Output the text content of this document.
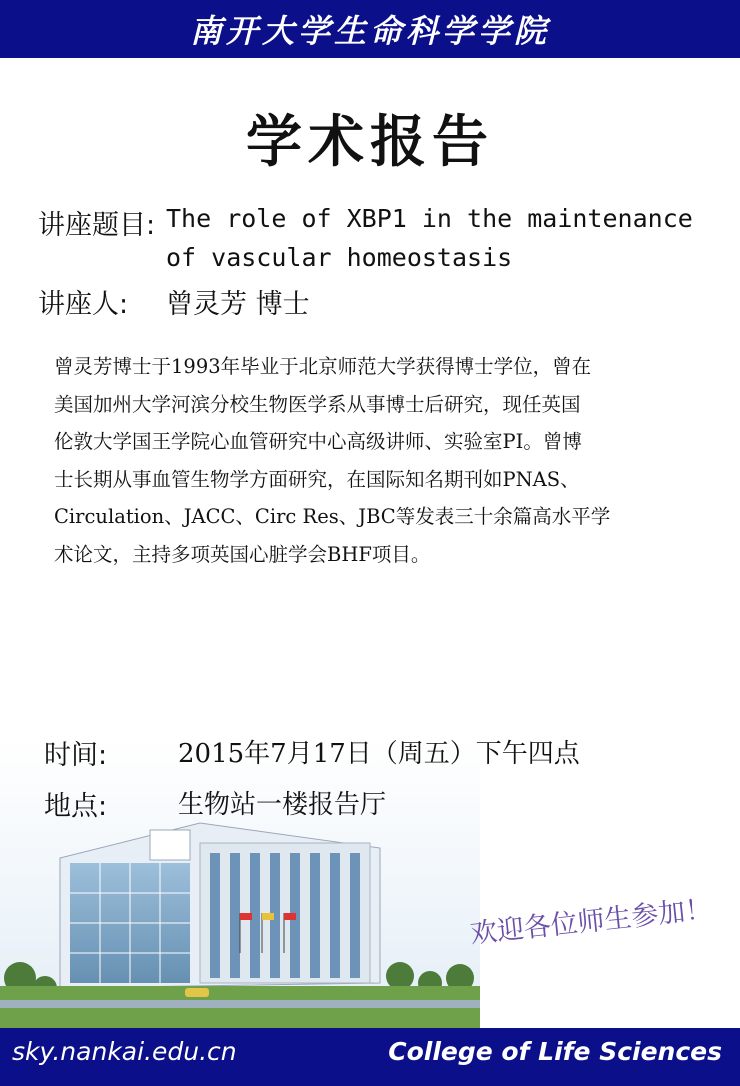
南开大学生命科学学院
学术报告
讲座题目: The role of XBP1 in the maintenance
of vascular homeostasis
讲座人: 曾灵芳 博士
曾灵芳博士于1993年毕业于北京师范大学获得博士学位，曾在
美国加州大学河滨分校生物医学系从事博士后研究，现任英国
伦敦大学国王学院心血管研究中心高级讲师、实验室PI。曾博
士长期从事血管生物学方面研究，在国际知名期刊如PNAS、
Circulation、JACC、Circ Res、JBC等发表三十余篇高水平学
术论文，主持多项英国心脏学会BHF项目。
时间:	2015年7月17日（周五）下午四点
地点:	生物站一楼报告厅
欢迎各位师生参加！
sky.nankai.edu.cn	College of Life Sciences
